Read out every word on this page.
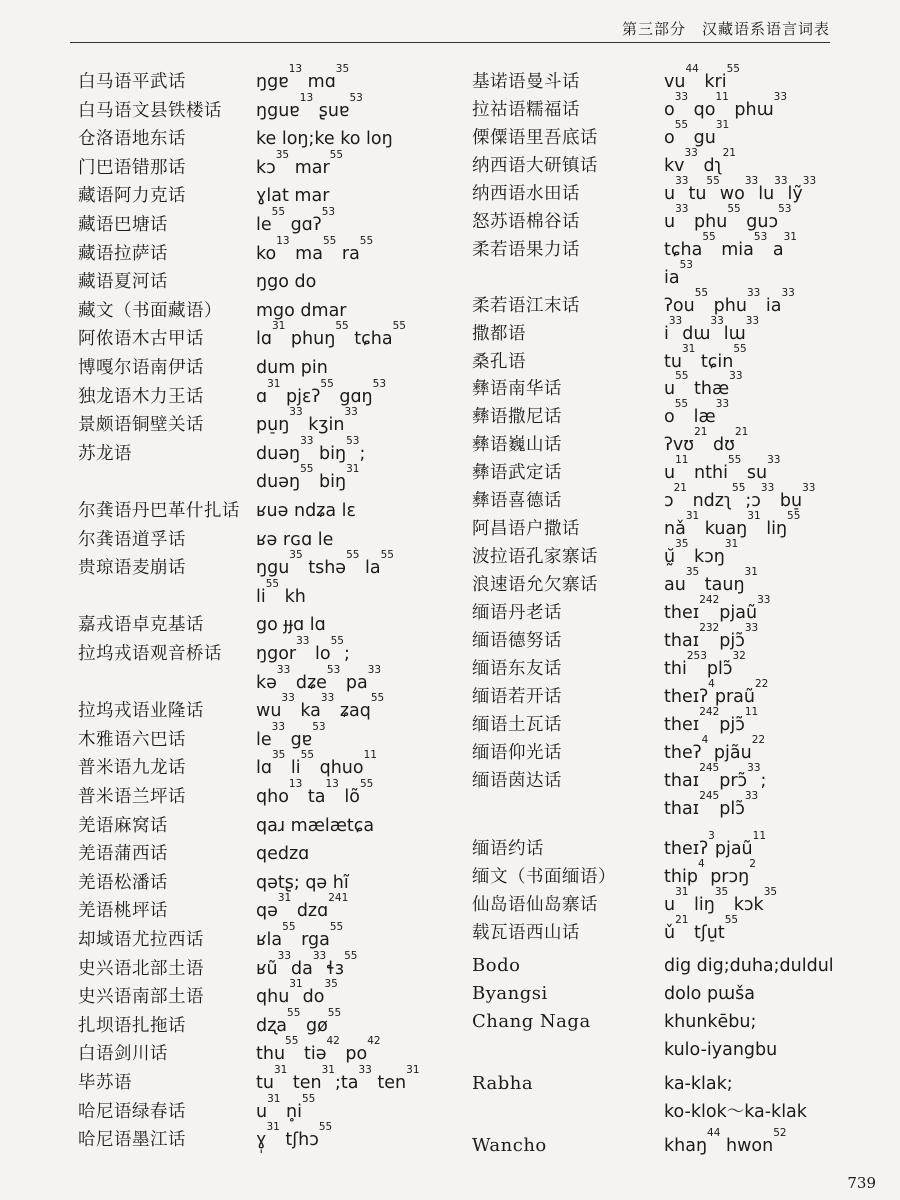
第三部分　汉藏语系语言词表
白马语平武话
白马语文县铁楼话
仓洛语地东话
门巴语错那话
藏语阿力克话
藏语巴塘话
藏语拉萨话
藏语夏河话
藏文（书面藏语）
阿侬语木古甲话
博嘎尔语南伊话
独龙语木力王话
景颇语铜壁关话
苏龙语
尔龚语丹巴革什扎话
尔龚语道孚话
贵琼语麦崩话
嘉戎语卓克基话
拉坞戎语观音桥话
拉坞戎语业隆话
木雅语六巴话
普米语九龙话
普米语兰坪话
羌语麻窝话
羌语蒲西话
羌语松潘话
羌语桃坪话
却域语尤拉西话
史兴语北部土语
史兴语南部土语
扎坝语扎拖话
白语剑川话
毕苏语
哈尼语绿春话
哈尼语墨江话
ŋgɐ$^{13}$ mɑ$^{35}$
ŋguɐ$^{13}$ ʂuɐ$^{53}$
ke loŋ;ke ko loŋ
kɔ$^{35}$ mar$^{55}$
ɣlat mar
$le^{55}$ gɑʔ$^{53}$
$ko^{13}$ $ma^{55}$ $ra^{55}$
ŋgo do
mgo dmar
lɑ$^{31}$ phuŋ$^{55}$ tɕha$^{55}$
dum pin
ɑ$^{31}$ pjɛʔ$^{55}$ gɑŋ$^{53}$
$pu̠ŋ^{33}$ kʒin$^{33}$
duəŋ$^{33}$ biŋ$^{53}$;
duəŋ$^{55}$ biŋ$^{31}$
ʁuə ndʑa lɛ
ʁə rɢɑ le
ŋgu$^{35}$ tshə$^{55}$ $la^{55}$
$li^{55}$ kh
go ɟɟɑ lɑ
ŋgor$^{33}$ $lo^{55}$;
kə$^{33}$ dʑe$^{53}$ $pa^{33}$
$wu^{33}$ $ka^{33}$ ʑaq$^{55}$
$le^{33}$ gɐ$^{53}$
lɑ$^{35}$ $li^{55}$ qhuo$^{11}$
qho$^{13}$ $ta^{13}$ $lõ^{55}$
qaɹ mælætɕa
qedzɑ
qətʂ; qə hĩ
qə$^{31}$ dzɑ$^{241}$
ʁla$^{55}$ rga$^{55}$
$ʁũ^{33}da^{33}ɬɜ^{55}$
$qhu^{31}do^{35}$
dʐa$^{55}$ $gø^{55}$
thu$^{55}$ tiə$^{42}$ $po^{42}$
$tu^{31}$ $ten^{31};ta^{33}$ ten$^{31}$
$u^{31}$ $n̥i^{55}$
ɣ̩$^{31}$ tʃhɔ$^{55}$
基诺语曼斗话
拉祜语糯福话
傈僳语里吾底话
纳西语大研镇话
纳西语水田话
怒苏语棉谷话
柔若语果力话
柔若语江末话
撒都语
桑孔语
彝语南华话
彝语撒尼话
彝语巍山话
彝语武定话
彝语喜德话
阿昌语户撒话
波拉语孔家寨话
浪速语允欠寨话
缅语丹老话
缅语德努话
缅语东友话
缅语若开话
缅语土瓦话
缅语仰光话
缅语茵达话
缅语约话
缅文（书面缅语）
仙岛语仙岛寨话
载瓦语西山话
Bodo
Byangsi
Chang Naga
Rabha
Wancho
$vu^{44}$ kri$^{55}$
$o^{33}$ $qo^{11}$ phɯ$^{33}$
$o^{55}$ $gu^{31}$
$kv^{33}$ dʅ$^{21}$
$u^{33}tu^{55}wo^{33}lu^{33}lỹ^{33}$
$u^{33}$ phu$^{55}$ guɔ$^{53}$
tɕha$^{55}$ mia$^{53}$ $a^{31}$
$ia^{53}$
ʔou$^{55}$ phu$^{33}$ $ia^{33}$
$i^{33}dɯ^{33}lɯ^{33}$
$tu^{31}$ tɕin$^{55}$
$u^{55}$ thæ$^{33}$
$o^{55}$ $læ^{33}$
ʔvʊ$^{21}$ dʊ$^{21}$
$u^{11}$ nthi$^{55}$ $su^{33}$
ɔ$^{21}$ ndzʅ$^{55}$;ɔ$^{33}$ bu̠$^{33}$
$nǎ^{31}$ kuaŋ$^{31}$ liŋ$^{55}$
ṵ̆$^{35}$ kɔŋ$^{31}$
$au^{35}$ tauŋ$^{31}$
theɪ$^{242}$pjaũ$^{33}$
thaɪ$^{232}$pjɔ̃$^{33}$
thi$^{253}$plɔ̃$^{32}$
theɪʔ$^4$praũ$^{22}$
theɪ$^{242}$pjɔ̃$^{11}$
theʔ$^4$ pjãu$^{22}$
thaɪ$^{245}$prɔ̃$^{33}$;
thaɪ$^{245}$plɔ̃$^{33}$
theɪʔ$^3$pjaũ$^{11}$
thip$^4$ prɔŋ$^2$
$u^{31}$ liŋ$^{35}$ kɔk$^{35}$
$ǔ^{21}$ $tʃu̠t^{55}$
dig dig;duha;duldul
dolo pɯša
khunkēbu;
kulo-iyangbu
ka-klak;
ko-klok～ka-klak
khaŋ$^{44}$ hwon$^{52}$
739
